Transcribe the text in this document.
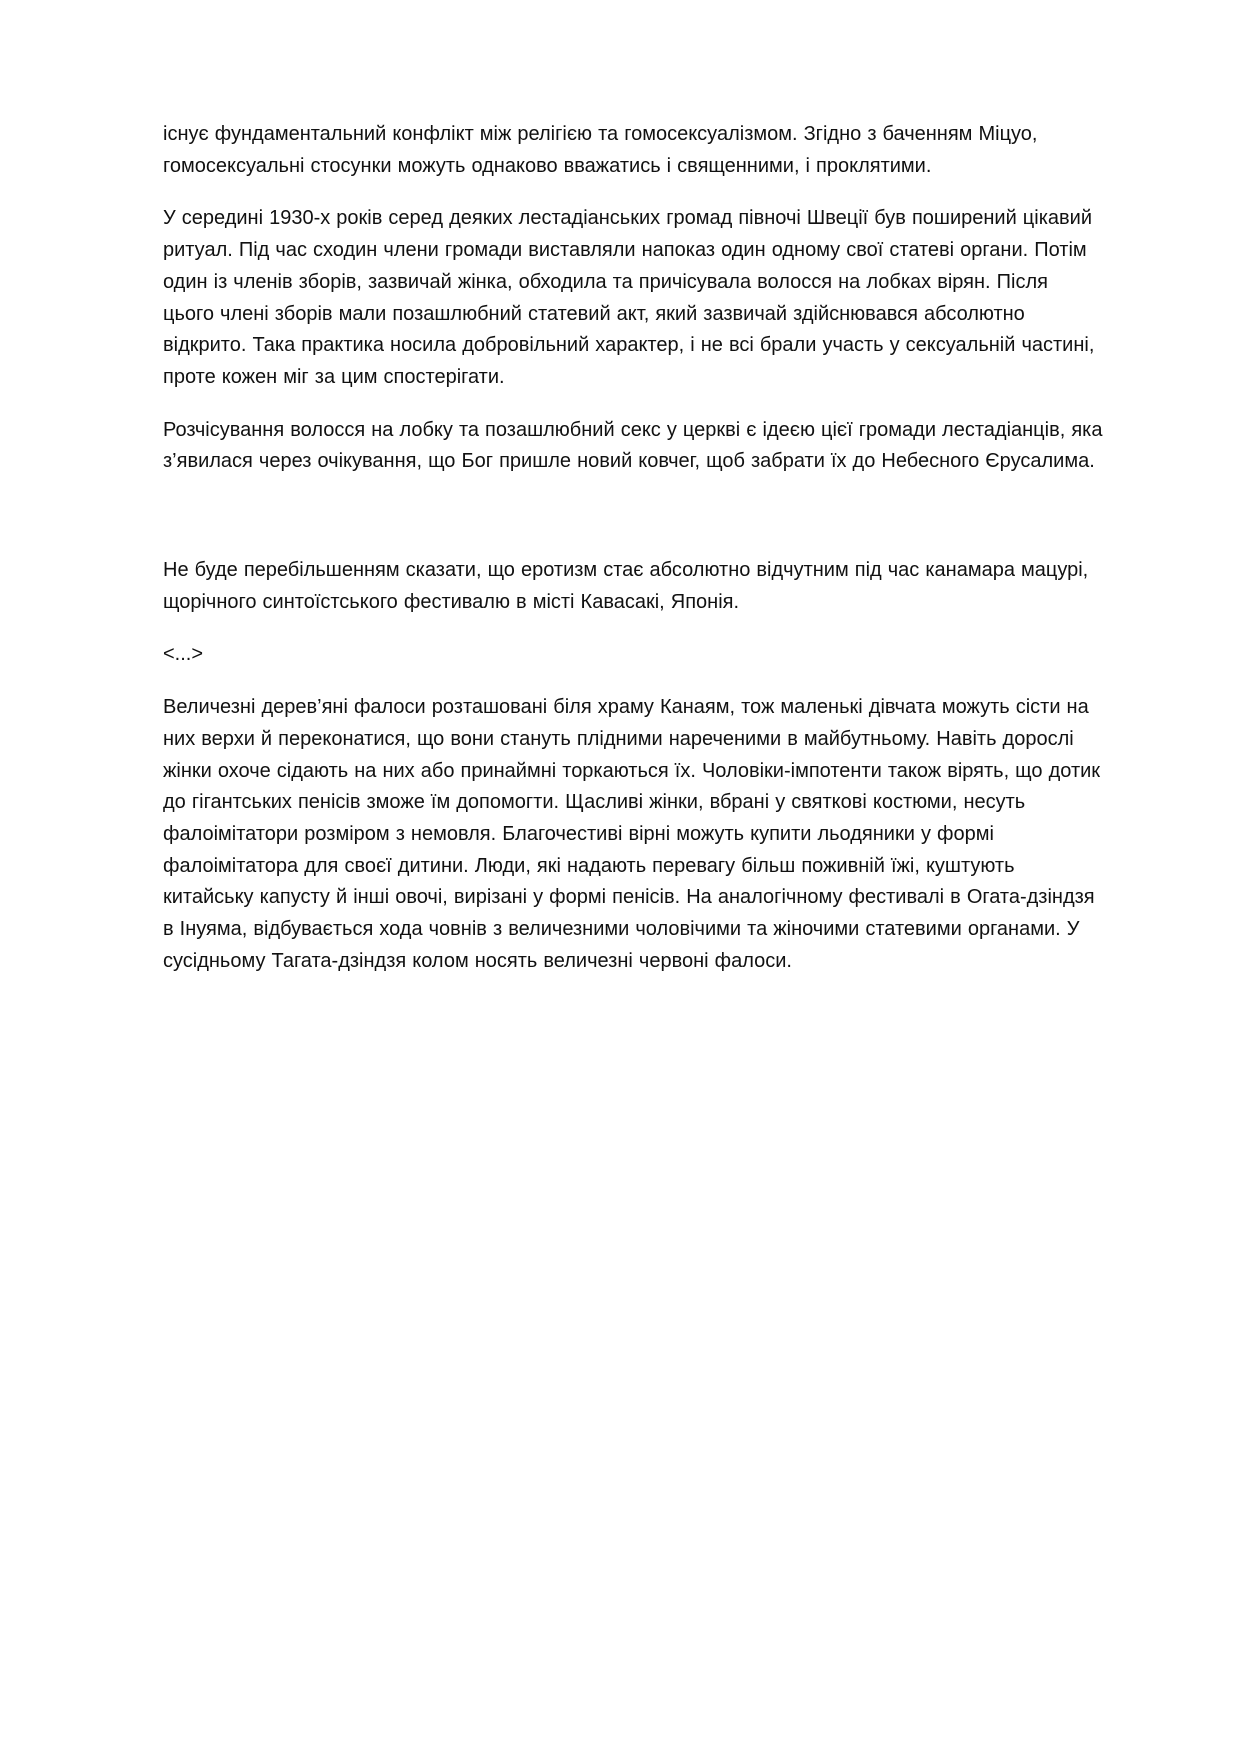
існує фундаментальний конфлікт між релігією та гомосексуалізмом. Згідно з баченням Міцуо, гомосексуальні стосунки можуть однаково вважатись і священними, і проклятими.

У середині 1930-х років серед деяких лестадіанських громад півночі Швеції був поширений цікавий ритуал. Під час сходин члени громади виставляли напоказ один одному свої статеві органи. Потім один із членів зборів, зазвичай жінка, обходила та причісувала волосся на лобках вірян. Після цього члені зборів мали позашлюбний статевий акт, який зазвичай здійснювався абсолютно відкрито. Така практика носила добровільний характер, і не всі брали участь у сексуальній частині, проте кожен міг за цим спостерігати.

Розчісування волосся на лобку та позашлюбний секс у церкві є ідеєю цієї громади лестадіанців, яка з’явилася через очікування, що Бог пришле новий ковчег, щоб забрати їх до Небесного Єрусалима.

Не буде перебільшенням сказати, що еротизм стає абсолютно відчутним під час канамара мацурі, щорічного синтоїстського фестивалю в місті Кавасакі, Японія.

<...>

Величезні дерев’яні фалоси розташовані біля храму Канаям, тож маленькі дівчата можуть сісти на них верхи й переконатися, що вони стануть плідними нареченими в майбутньому. Навіть дорослі жінки охоче сідають на них або принаймні торкаються їх. Чоловіки-імпотенти також вірять, що дотик до гігантських пенісів зможе їм допомогти. Щасливі жінки, вбрані у святкові костюми, несуть фалоімітатори розміром з немовля. Благочестиві вірні можуть купити льодяники у формі фалоімітатора для своєї дитини. Люди, які надають перевагу більш поживній їжі, куштують китайську капусту й інші овочі, вирізані у формі пенісів. На аналогічному фестивалі в Огата-дзіндзя в Інуяма, відбувається хода човнів з величезними чоловічими та жіночими статевими органами. У сусідньому Тагата-дзіндзя колом носять величезні червоні фалоси.
